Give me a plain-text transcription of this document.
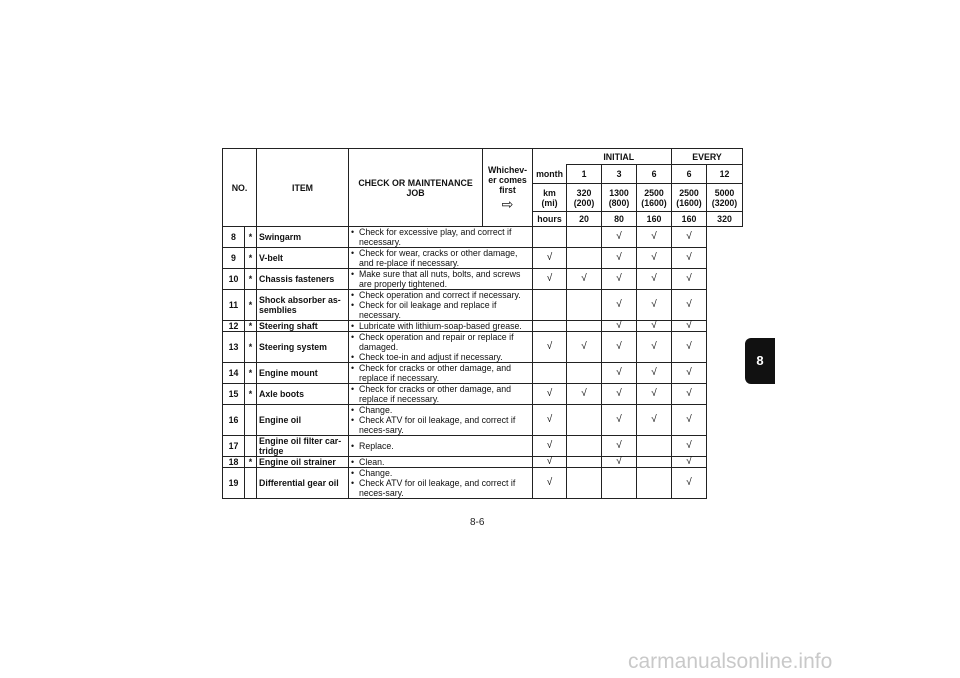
NO.		ITEM	CHECK OR MAINTENANCE JOB	Whichev-er comes first
⇨		INITIAL			EVERY	
					month	1	3	6	6	12
					km (mi)	320 (200)	1300 (800)	2500 (1600)	2500 (1600)	5000 (3200)
					hours	20	80	160	160	320
8	*	Swingarm	• Check for excessive play, and correct if necessary.				√	√	√	
9	*	V-belt	• Check for wear, cracks or other damage, and re-place if necessary.		√		√	√	√	
10	*	Chassis fasteners	• Make sure that all nuts, bolts, and screws are properly tightened.		√	√	√	√	√	
11	*	Shock absorber as-semblies	• Check operation and correct if necessary.
• Check for oil leakage and replace if necessary.				√	√	√	
12	*	Steering shaft	• Lubricate with lithium-soap-based grease.				√	√	√	
13	*	Steering system	• Check operation and repair or replace if damaged.
• Check toe-in and adjust if necessary.		√	√	√	√	√	
14	*	Engine mount	• Check for cracks or other damage, and replace if necessary.				√	√	√	
15	*	Axle boots	• Check for cracks or other damage, and replace if necessary.		√	√	√	√	√	
16		Engine oil	• Change.
• Check ATV for oil leakage, and correct if neces-sary.		√		√	√	√	
17		Engine oil filter car-tridge	• Replace.		√		√		√	
18	*	Engine oil strainer	• Clean.		√		√		√	
19		Differential gear oil	• Change.
• Check ATV for oil leakage, and correct if neces-sary.		√				√	
8
8-6
carmanualsonline.info
